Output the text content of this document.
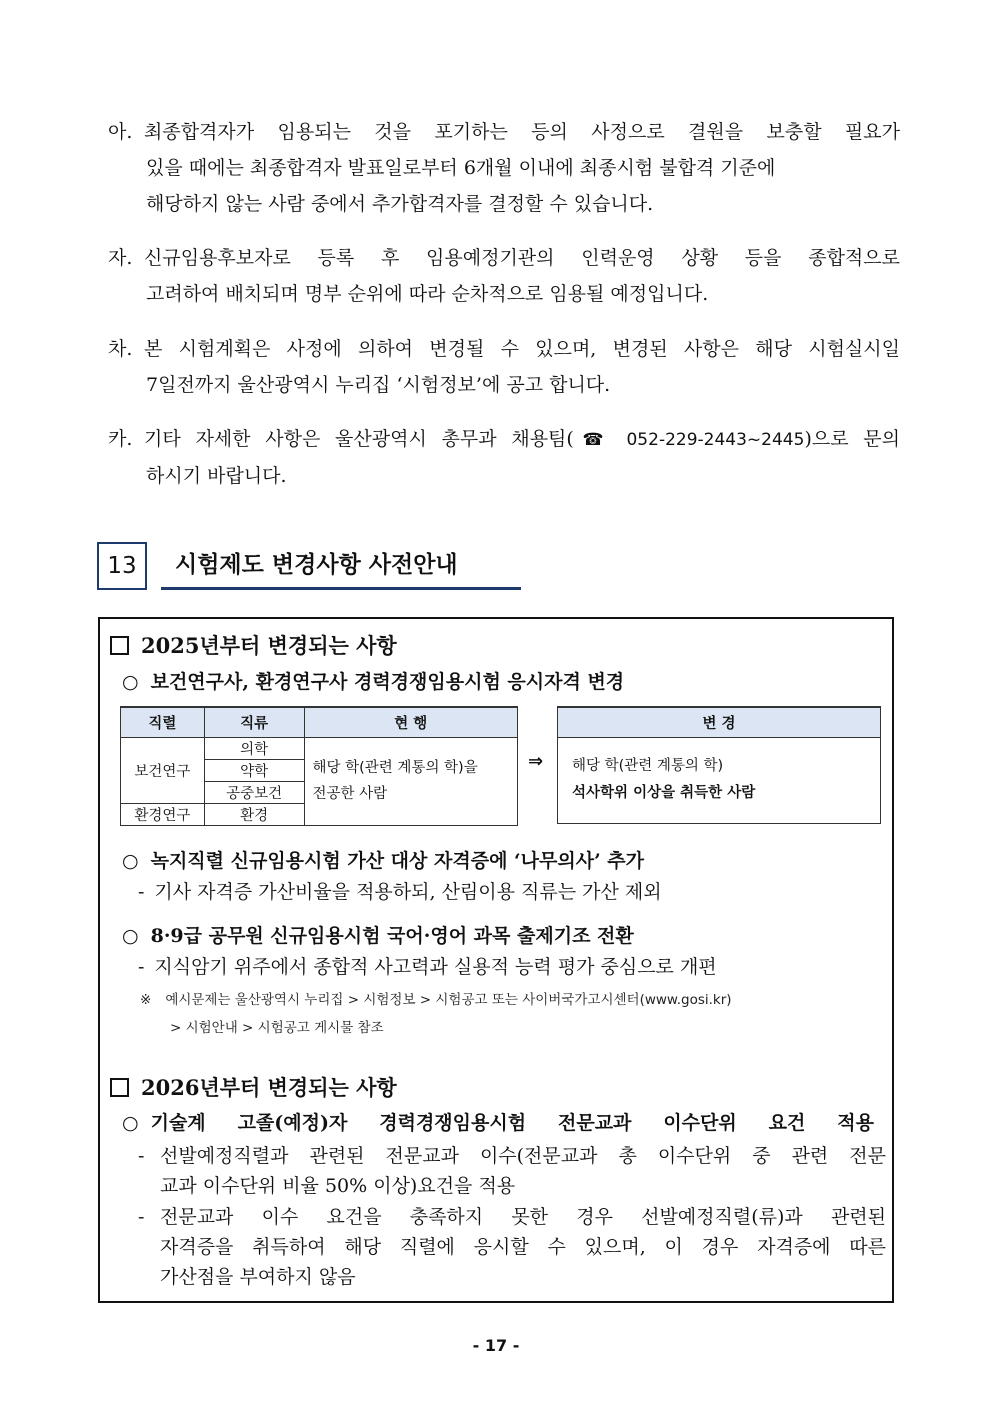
아. 최종합격자가 임용되는 것을 포기하는 등의 사정으로 결원을 보충할 필요가
있을 때에는 최종합격자 발표일로부터 6개월 이내에 최종시험 불합격 기준에
해당하지 않는 사람 중에서 추가합격자를 결정할 수 있습니다.
자. 신규임용후보자로 등록 후 임용예정기관의 인력운영 상황 등을 종합적으로
고려하여 배치되며 명부 순위에 따라 순차적으로 임용될 예정입니다.
차. 본 시험계획은 사정에 의하여 변경될 수 있으며, 변경된 사항은 해당 시험실시일
7일전까지 울산광역시 누리집 ‘시험정보’에 공고 합니다.
카. 기타 자세한 사항은 울산광역시 총무과 채용팀(☎ 052-229-2443~2445)으로 문의
하시기 바랍니다.
13	시험제도 변경사항 사전안내
2025년부터 변경되는 사항
○ 보건연구사, 환경연구사 경력경쟁임용시험 응시자격 변경
직렬	직류	현 행
보건연구	의학	해당 학(관련 계통의 학)을
전공한 사람

	약학	
	공중보건	
환경연구	환경	
⇒
변 경

해당 학(관련 계통의 학)
석사학위 이상을 취득한 사람
○ 녹지직렬 신규임용시험 가산 대상 자격증에 ‘나무의사’ 추가
- 기사 자격증 가산비율을 적용하되, 산림이용 직류는 가산 제외
○ 8·9급 공무원 신규임용시험 국어·영어 과목 출제기조 전환
- 지식암기 위주에서 종합적 사고력과 실용적 능력 평가 중심으로 개편
※ 예시문제는 울산광역시 누리집 > 시험정보 > 시험공고 또는 사이버국가고시센터(www.gosi.kr)
> 시험안내 > 시험공고 게시물 참조
2026년부터 변경되는 사항
○ 기술계 고졸(예정)자 경력경쟁임용시험 전문교과 이수단위 요건 적용
- 선발예정직렬과 관련된 전문교과 이수(전문교과 총 이수단위 중 관련 전문
교과 이수단위 비율 50% 이상)요건을 적용
- 전문교과 이수 요건을 충족하지 못한 경우 선발예정직렬(류)과 관련된
자격증을 취득하여 해당 직렬에 응시할 수 있으며, 이 경우 자격증에 따른
가산점을 부여하지 않음
- 17 -
